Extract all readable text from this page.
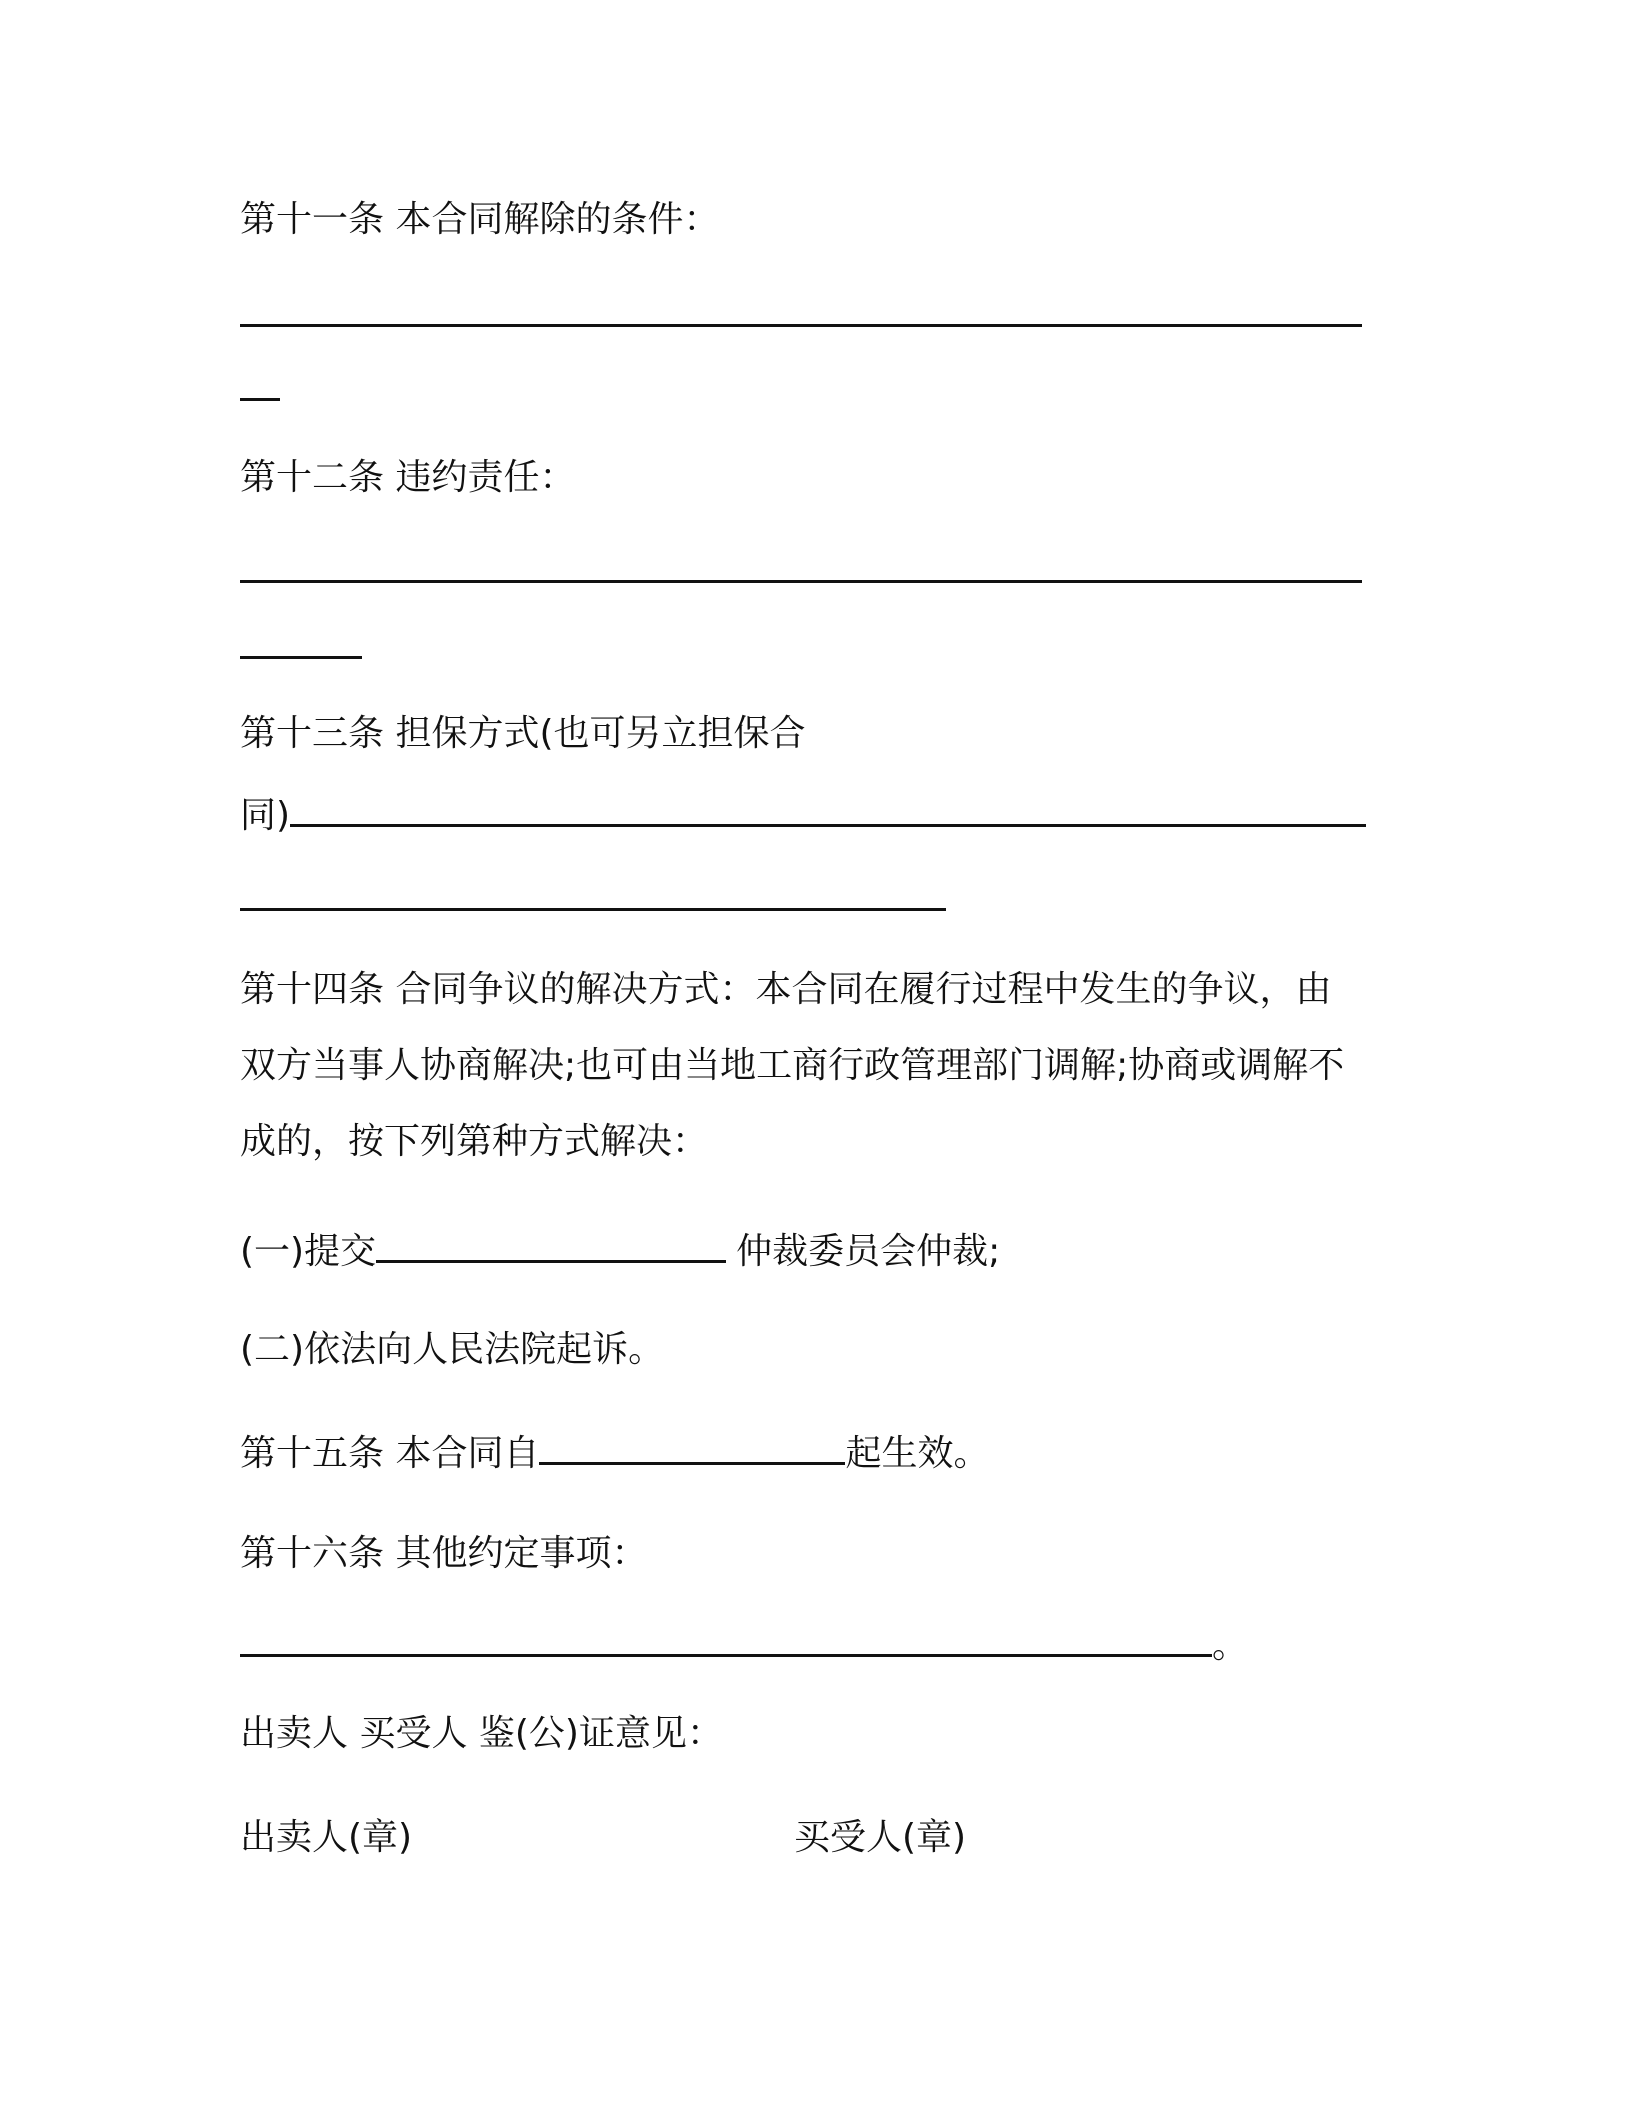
第十一条 本合同解除的条件：
第十二条 违约责任：
第十三条 担保方式(也可另立担保合
同)
第十四条 合同争议的解决方式：本合同在履行过程中发生的争议，由
双方当事人协商解决;也可由当地工商行政管理部门调解;协商或调解不
成的，按下列第种方式解决：
(一)提交	仲裁委员会仲裁;
(二)依法向人民法院起诉。
第十五条 本合同自	起生效。
第十六条 其他约定事项：
。
出卖人 买受人 鉴(公)证意见：
出卖人(章)	买受人(章)
